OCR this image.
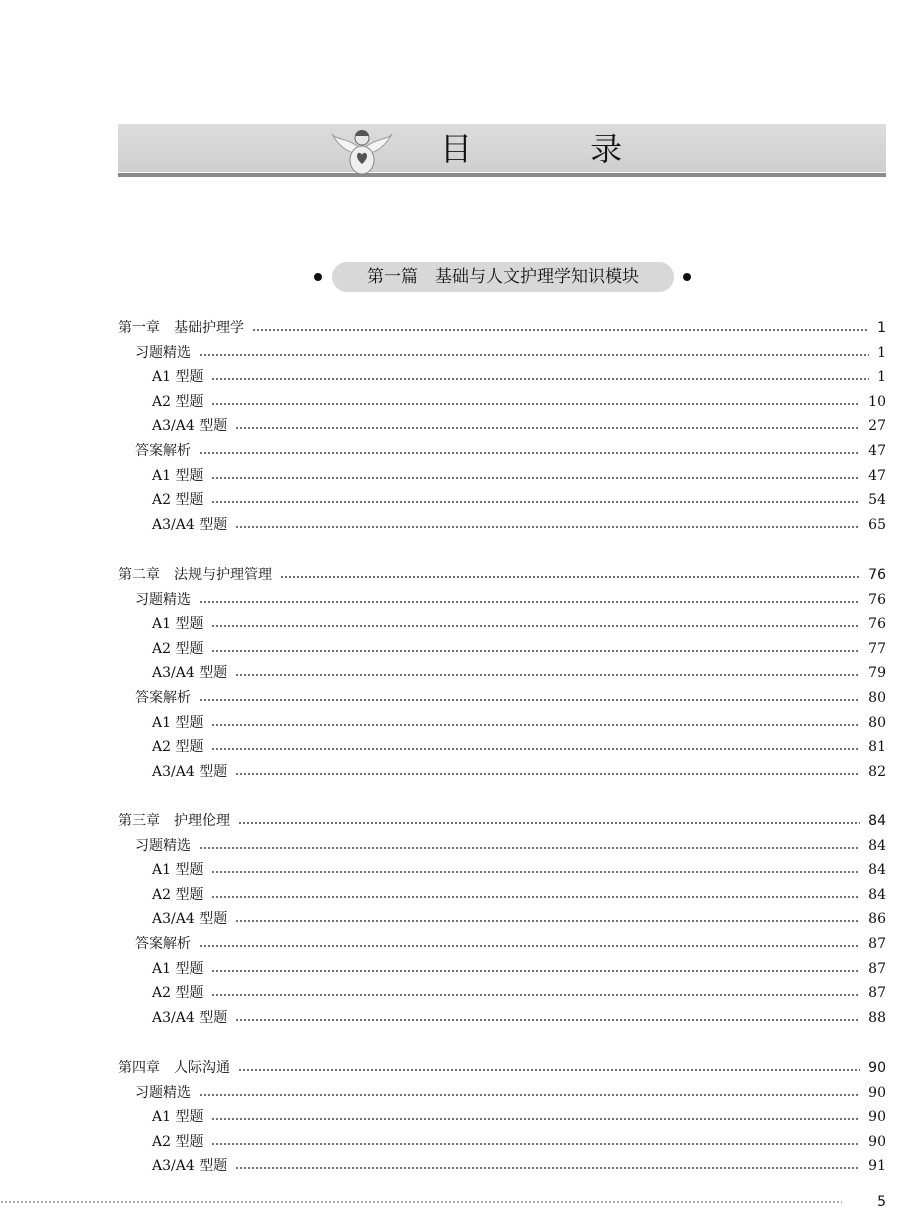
目 录
第一篇　基础与人文护理学知识模块
第一章　基础护理学	1
习题精选	1
A1 型题	1
A2 型题	10
A3/A4 型题	27
答案解析	47
A1 型题	47
A2 型题	54
A3/A4 型题	65
第二章　法规与护理管理	76
习题精选	76
A1 型题	76
A2 型题	77
A3/A4 型题	79
答案解析	80
A1 型题	80
A2 型题	81
A3/A4 型题	82
第三章　护理伦理	84
习题精选	84
A1 型题	84
A2 型题	84
A3/A4 型题	86
答案解析	87
A1 型题	87
A2 型题	87
A3/A4 型题	88
第四章　人际沟通	90
习题精选	90
A1 型题	90
A2 型题	90
A3/A4 型题	91
5
